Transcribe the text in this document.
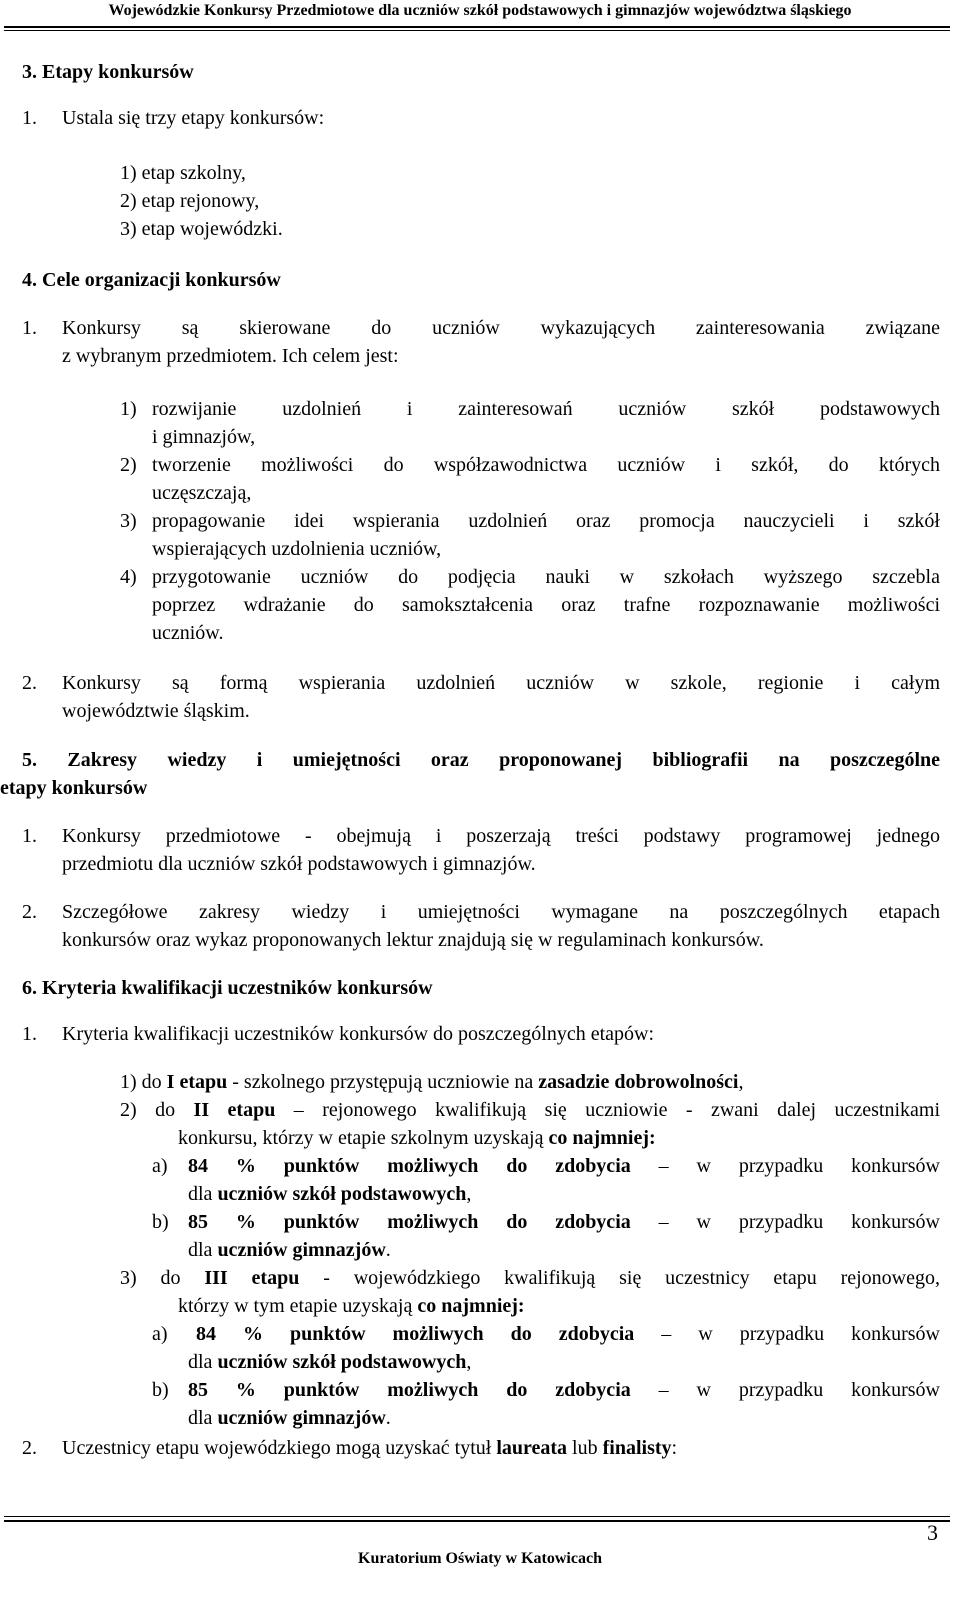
Wojewódzkie Konkursy Przedmiotowe dla uczniów szkół podstawowych i gimnazjów województwa śląskiego
3. Etapy konkursów
1. Ustala się trzy etapy konkursów:
1) etap szkolny,
2) etap rejonowy,
3) etap wojewódzki.
4. Cele organizacji konkursów
1. Konkursy są skierowane do uczniów wykazujących zainteresowania związane
z wybranym przedmiotem. Ich celem jest:
1) rozwijanie uzdolnień i zainteresowań uczniów szkół podstawowych
i gimnazjów,
2) tworzenie możliwości do współzawodnictwa uczniów i szkół, do których
uczęszczają,
3) propagowanie idei wspierania uzdolnień oraz promocja nauczycieli i szkół
wspierających uzdolnienia uczniów,
4) przygotowanie uczniów do podjęcia nauki w szkołach wyższego szczebla
poprzez wdrażanie do samokształcenia oraz trafne rozpoznawanie możliwości
uczniów.
2. Konkursy są formą wspierania uzdolnień uczniów w szkole, regionie i całym
województwie śląskim.
5. Zakresy wiedzy i umiejętności oraz proponowanej bibliografii na poszczególne
etapy konkursów
1. Konkursy przedmiotowe - obejmują i poszerzają treści podstawy programowej jednego
przedmiotu dla uczniów szkół podstawowych i gimnazjów.
2. Szczegółowe zakresy wiedzy i umiejętności wymagane na poszczególnych etapach
konkursów oraz wykaz proponowanych lektur znajdują się w regulaminach konkursów.
6. Kryteria kwalifikacji uczestników konkursów
1. Kryteria kwalifikacji uczestników konkursów do poszczególnych etapów:
1) do I etapu - szkolnego przystępują uczniowie na zasadzie dobrowolności,
2) do II etapu – rejonowego kwalifikują się uczniowie - zwani dalej uczestnikami
konkursu, którzy w etapie szkolnym uzyskają co najmniej:
a) 84 % punktów możliwych do zdobycia – w przypadku konkursów
dla uczniów szkół podstawowych,
b) 85 % punktów możliwych do zdobycia – w przypadku konkursów
dla uczniów gimnazjów.
3) do III etapu - wojewódzkiego kwalifikują się uczestnicy etapu rejonowego,
którzy w tym etapie uzyskają co najmniej:
a) 84 % punktów możliwych do zdobycia – w przypadku konkursów
dla uczniów szkół podstawowych,
b) 85 % punktów możliwych do zdobycia – w przypadku konkursów
dla uczniów gimnazjów.
2. Uczestnicy etapu wojewódzkiego mogą uzyskać tytuł laureata lub finalisty:
3
Kuratorium Oświaty w Katowicach
